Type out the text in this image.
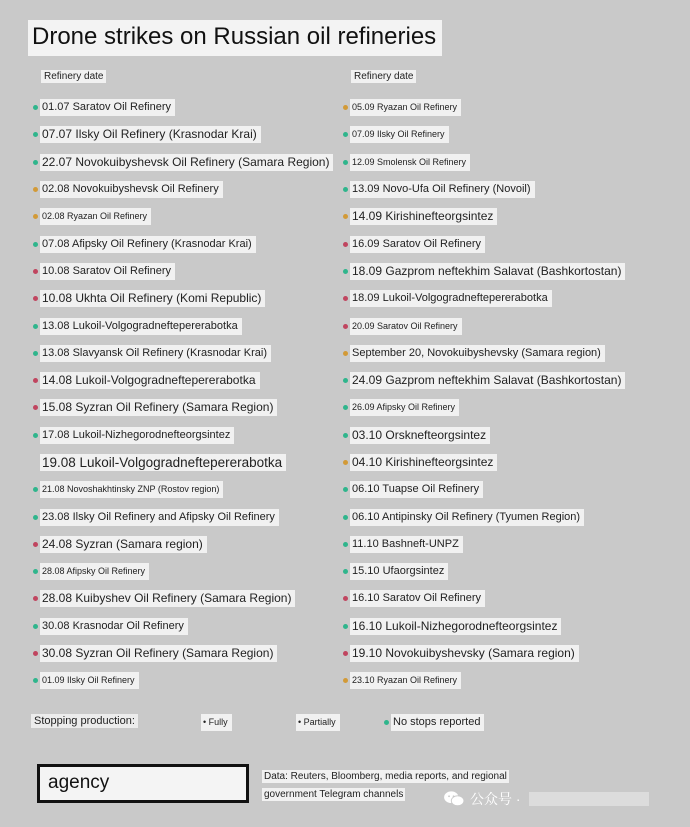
Drone strikes on Russian oil refineries
Refinery date	Refinery date
01.07 Saratov Oil Refinery
07.07 Ilsky Oil Refinery (Krasnodar Krai)
22.07 Novokuibyshevsk Oil Refinery (Samara Region)
02.08 Novokuibyshevsk Oil Refinery
02.08 Ryazan Oil Refinery
07.08 Afipsky Oil Refinery (Krasnodar Krai)
10.08 Saratov Oil Refinery
10.08 Ukhta Oil Refinery (Komi Republic)
13.08 Lukoil-Volgogradneftepererabotka
13.08 Slavyansk Oil Refinery (Krasnodar Krai)
14.08 Lukoil-Volgogradneftepererabotka
15.08 Syzran Oil Refinery (Samara Region)
17.08 Lukoil-Nizhegorodnefteorgsintez
19.08 Lukoil-Volgogradneftepererabotka
21.08 Novoshakhtinsky ZNP (Rostov region)
23.08 Ilsky Oil Refinery and Afipsky Oil Refinery
24.08 Syzran (Samara region)
28.08 Afipsky Oil Refinery
28.08 Kuibyshev Oil Refinery (Samara Region)
30.08 Krasnodar Oil Refinery
30.08 Syzran Oil Refinery (Samara Region)
01.09 Ilsky Oil Refinery
05.09 Ryazan Oil Refinery
07.09 Ilsky Oil Refinery
12.09 Smolensk Oil Refinery
13.09 Novo-Ufa Oil Refinery (Novoil)
14.09 Kirishinefteorgsintez
16.09 Saratov Oil Refinery
18.09 Gazprom neftekhim Salavat (Bashkortostan)
18.09 Lukoil-Volgogradneftepererabotka
20.09 Saratov Oil Refinery
September 20, Novokuibyshevsky (Samara region)
24.09 Gazprom neftekhim Salavat (Bashkortostan)
26.09 Afipsky Oil Refinery
03.10 Orsknefteorgsintez
04.10 Kirishinefteorgsintez
06.10 Tuapse Oil Refinery
06.10 Antipinsky Oil Refinery (Tyumen Region)
11.10 Bashneft-UNPZ
15.10 Ufaorgsintez
16.10 Saratov Oil Refinery
16.10 Lukoil-Nizhegorodnefteorgsintez
19.10 Novokuibyshevsky (Samara region)
23.10 Ryazan Oil Refinery
Stopping production:	• Fully	• Partially	No stops reported
agency	Data: Reuters, Bloomberg, media reports, and regional
government Telegram channels	公众号 ·
